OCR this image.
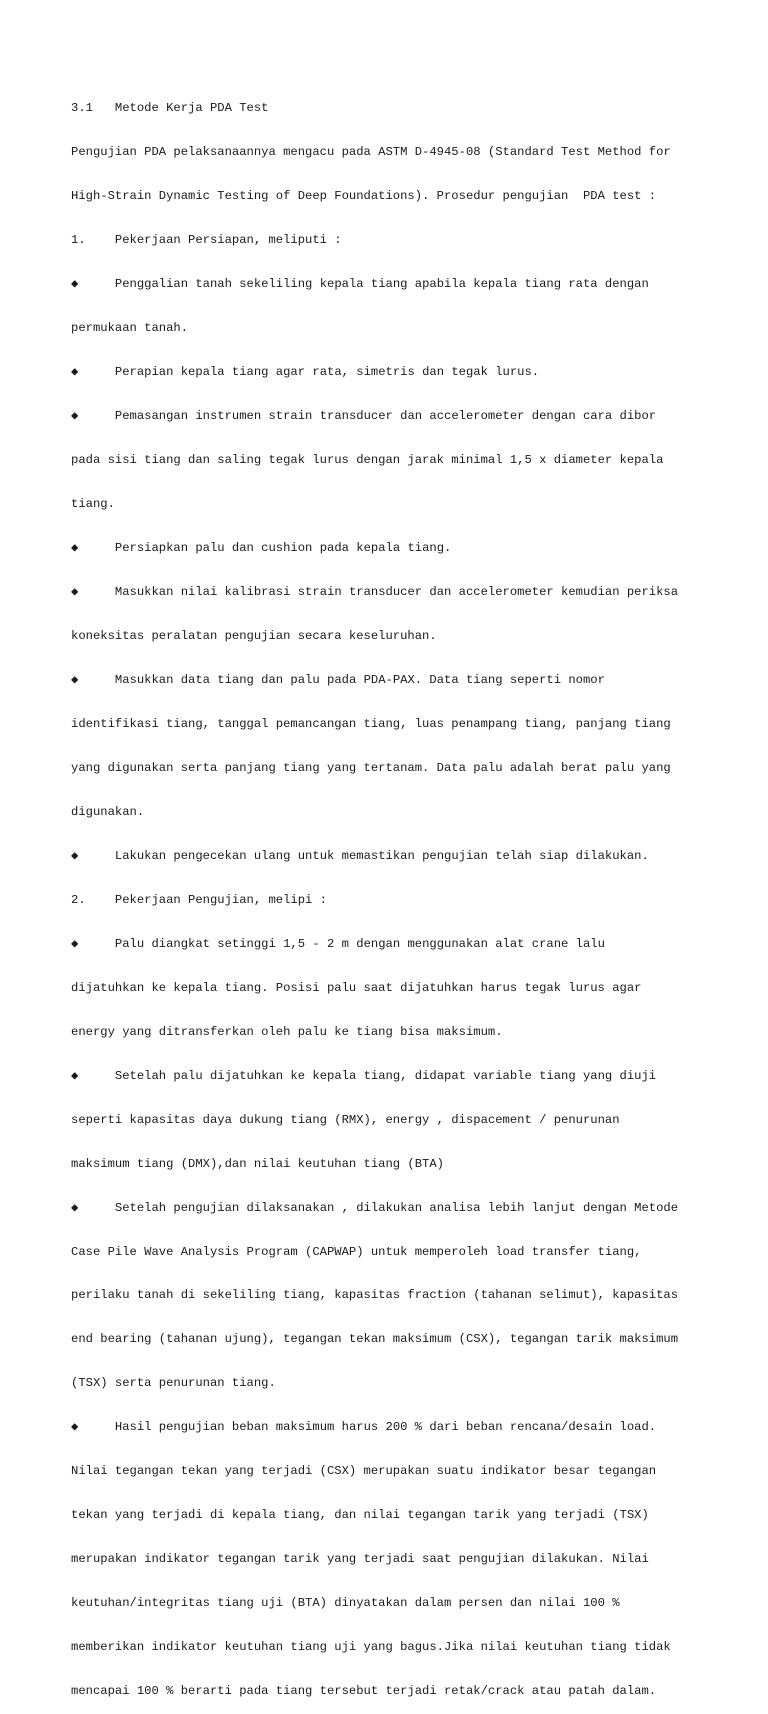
3.1   Metode Kerja PDA Test

Pengujian PDA pelaksanaannya mengacu pada ASTM D-4945-08 (Standard Test Method for

High-Strain Dynamic Testing of Deep Foundations). Prosedur pengujian  PDA test :

1.    Pekerjaan Persiapan, meliputi :

◆     Penggalian tanah sekeliling kepala tiang apabila kepala tiang rata dengan

permukaan tanah.

◆     Perapian kepala tiang agar rata, simetris dan tegak lurus.

◆     Pemasangan instrumen strain transducer dan accelerometer dengan cara dibor

pada sisi tiang dan saling tegak lurus dengan jarak minimal 1,5 x diameter kepala

tiang.

◆     Persiapkan palu dan cushion pada kepala tiang.

◆     Masukkan nilai kalibrasi strain transducer dan accelerometer kemudian periksa

koneksitas peralatan pengujian secara keseluruhan.

◆     Masukkan data tiang dan palu pada PDA-PAX. Data tiang seperti nomor

identifikasi tiang, tanggal pemancangan tiang, luas penampang tiang, panjang tiang

yang digunakan serta panjang tiang yang tertanam. Data palu adalah berat palu yang

digunakan.

◆     Lakukan pengecekan ulang untuk memastikan pengujian telah siap dilakukan.

2.    Pekerjaan Pengujian, melipi :

◆     Palu diangkat setinggi 1,5 - 2 m dengan menggunakan alat crane lalu

dijatuhkan ke kepala tiang. Posisi palu saat dijatuhkan harus tegak lurus agar

energy yang ditransferkan oleh palu ke tiang bisa maksimum.

◆     Setelah palu dijatuhkan ke kepala tiang, didapat variable tiang yang diuji

seperti kapasitas daya dukung tiang (RMX), energy , dispacement / penurunan

maksimum tiang (DMX),dan nilai keutuhan tiang (BTA)

◆     Setelah pengujian dilaksanakan , dilakukan analisa lebih lanjut dengan Metode

Case Pile Wave Analysis Program (CAPWAP) untuk memperoleh load transfer tiang,

perilaku tanah di sekeliling tiang, kapasitas fraction (tahanan selimut), kapasitas

end bearing (tahanan ujung), tegangan tekan maksimum (CSX), tegangan tarik maksimum

(TSX) serta penurunan tiang.

◆     Hasil pengujian beban maksimum harus 200 % dari beban rencana/desain load.

Nilai tegangan tekan yang terjadi (CSX) merupakan suatu indikator besar tegangan

tekan yang terjadi di kepala tiang, dan nilai tegangan tarik yang terjadi (TSX)

merupakan indikator tegangan tarik yang terjadi saat pengujian dilakukan. Nilai

keutuhan/integritas tiang uji (BTA) dinyatakan dalam persen dan nilai 100 %

memberikan indikator keutuhan tiang uji yang bagus.Jika nilai keutuhan tiang tidak

mencapai 100 % berarti pada tiang tersebut terjadi retak/crack atau patah dalam.
